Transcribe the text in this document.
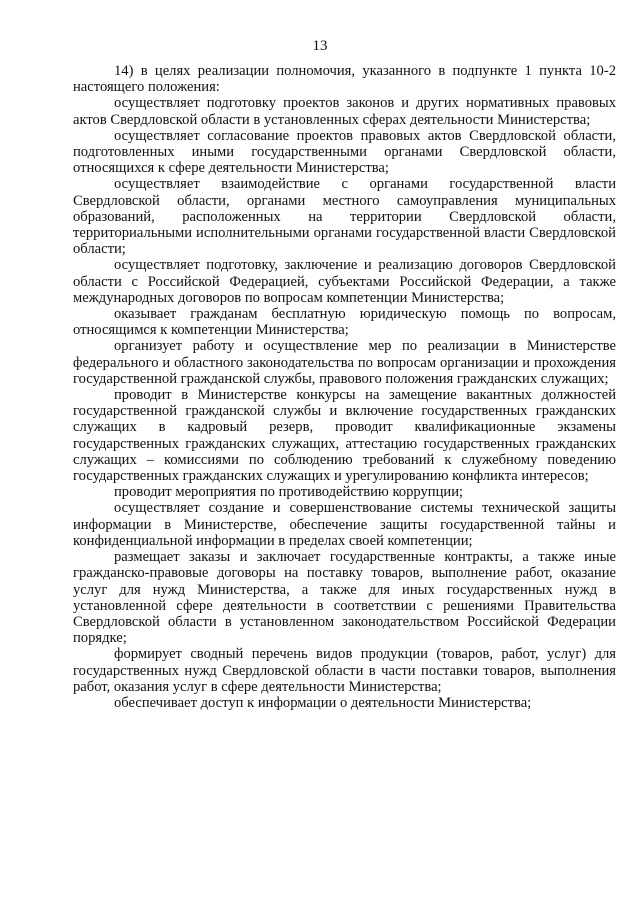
13

14) в целях реализации полномочия, указанного в подпункте 1 пункта 10-2 настоящего положения:

осуществляет подготовку проектов законов и других нормативных правовых актов Свердловской области в установленных сферах деятельности Министерства;

осуществляет согласование проектов правовых актов Свердловской области, подготовленных иными государственными органами Свердловской области, относящихся к сфере деятельности Министерства;

осуществляет взаимодействие с органами государственной власти Свердловской области, органами местного самоуправления муниципальных образований, расположенных на территории Свердловской области, территориальными исполнительными органами государственной власти Свердловской области;

осуществляет подготовку, заключение и реализацию договоров Свердловской области с Российской Федерацией, субъектами Российской Федерации, а также международных договоров по вопросам компетенции Министерства;

оказывает гражданам бесплатную юридическую помощь по вопросам, относящимся к компетенции Министерства;

организует работу и осуществление мер по реализации в Министерстве федерального и областного законодательства по вопросам организации и прохождения государственной гражданской службы, правового положения гражданских служащих;

проводит в Министерстве конкурсы на замещение вакантных должностей государственной гражданской службы и включение государственных гражданских служащих в кадровый резерв, проводит квалификационные экзамены государственных гражданских служащих, аттестацию государственных гражданских служащих – комиссиями по соблюдению требований к служебному поведению государственных гражданских служащих и урегулированию конфликта интересов;

проводит мероприятия по противодействию коррупции;

осуществляет создание и совершенствование системы технической защиты информации в Министерстве, обеспечение защиты государственной тайны и конфиденциальной информации в пределах своей компетенции;

размещает заказы и заключает государственные контракты, а также иные гражданско-правовые договоры на поставку товаров, выполнение работ, оказание услуг для нужд Министерства, а также для иных государственных нужд в установленной сфере деятельности в соответствии с решениями Правительства Свердловской области в установленном законодательством Российской Федерации порядке;

формирует сводный перечень видов продукции (товаров, работ, услуг) для государственных нужд Свердловской области в части поставки товаров, выполнения работ, оказания услуг в сфере деятельности Министерства;

обеспечивает доступ к информации о деятельности Министерства;
